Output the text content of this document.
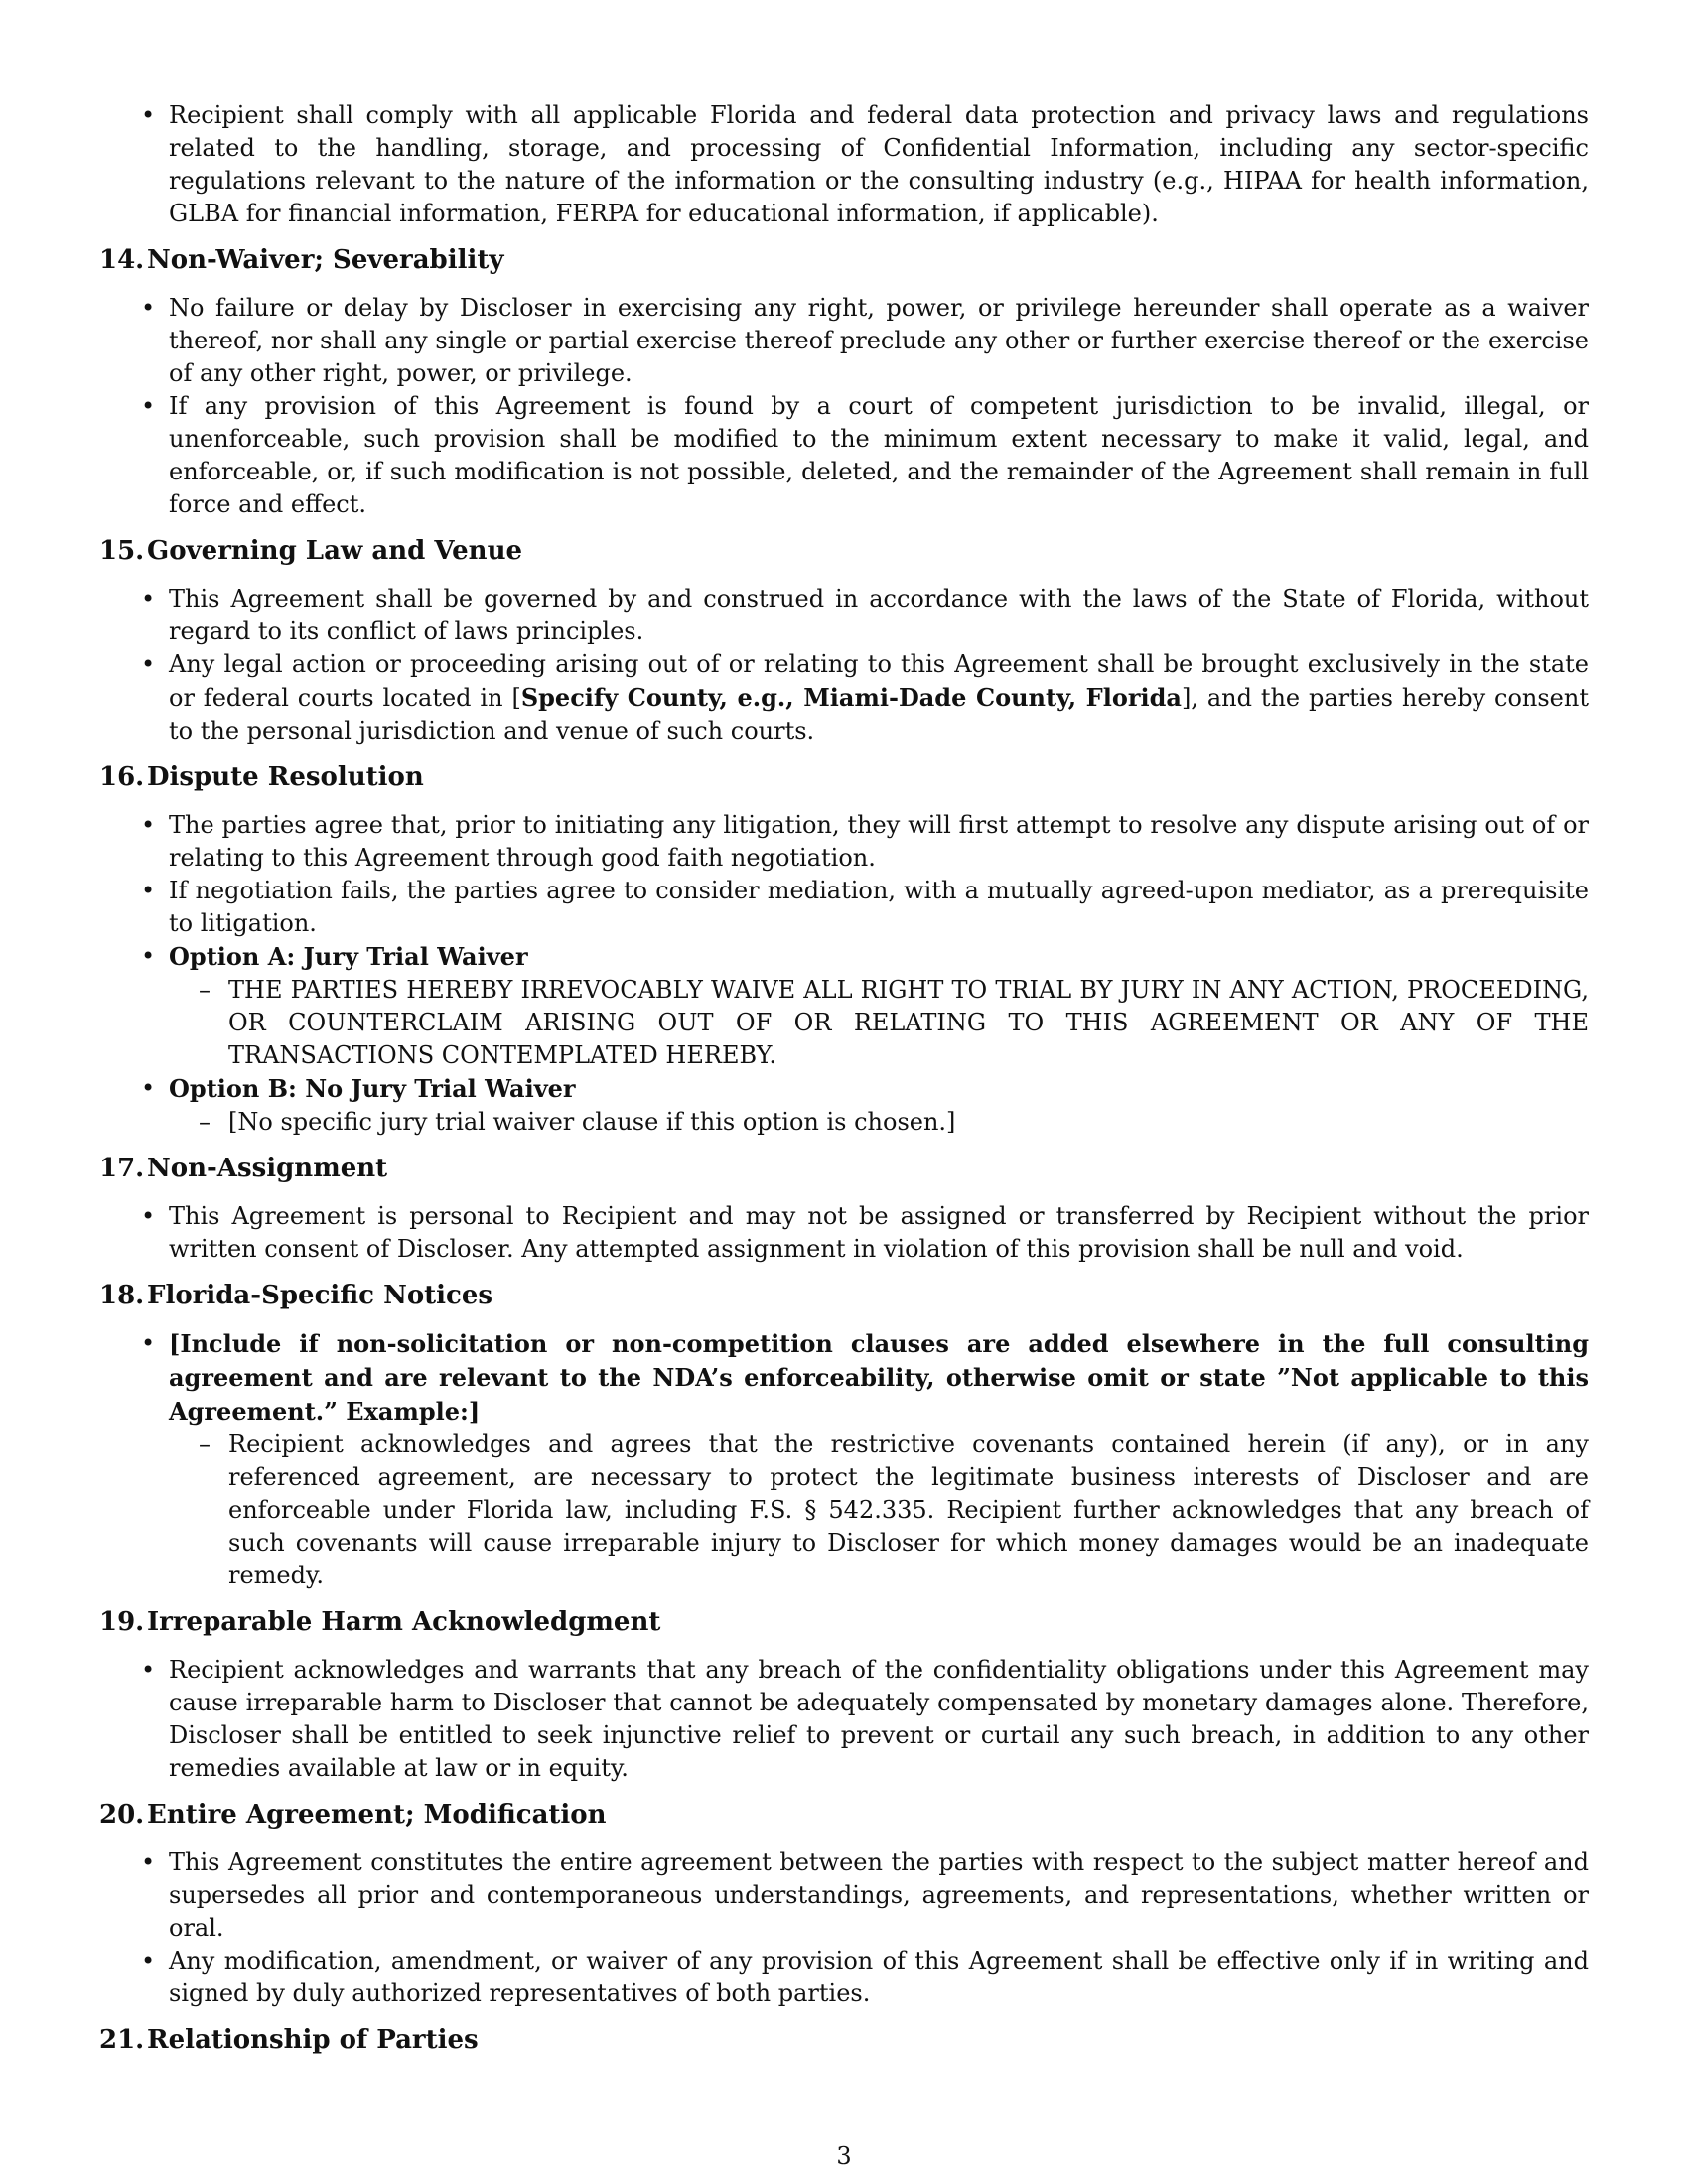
• Recipient shall comply with all applicable Florida and federal data protection and privacy laws and regulations related to the handling, storage, and processing of Confidential Information, including any sector-specific regulations relevant to the nature of the information or the consulting industry (e.g., HIPAA for health information, GLBA for financial information, FERPA for educational information, if applicable).
14. Non-Waiver; Severability
• No failure or delay by Discloser in exercising any right, power, or privilege hereunder shall operate as a waiver thereof, nor shall any single or partial exercise thereof preclude any other or further exercise thereof or the exercise of any other right, power, or privilege.
• If any provision of this Agreement is found by a court of competent jurisdiction to be invalid, illegal, or unenforceable, such provision shall be modified to the minimum extent necessary to make it valid, legal, and enforceable, or, if such modification is not possible, deleted, and the remainder of the Agreement shall remain in full force and effect.
15. Governing Law and Venue
• This Agreement shall be governed by and construed in accordance with the laws of the State of Florida, without regard to its conflict of laws principles.
• Any legal action or proceeding arising out of or relating to this Agreement shall be brought exclusively in the state or federal courts located in [Specify County, e.g., Miami-Dade County, Florida], and the parties hereby consent to the personal jurisdiction and venue of such courts.
16. Dispute Resolution
• The parties agree that, prior to initiating any litigation, they will first attempt to resolve any dispute arising out of or relating to this Agreement through good faith negotiation.
• If negotiation fails, the parties agree to consider mediation, with a mutually agreed-upon mediator, as a prerequisite to litigation.
• Option A: Jury Trial Waiver
– THE PARTIES HEREBY IRREVOCABLY WAIVE ALL RIGHT TO TRIAL BY JURY IN ANY ACTION, PROCEEDING, OR COUNTERCLAIM ARISING OUT OF OR RELATING TO THIS AGREEMENT OR ANY OF THE TRANSACTIONS CONTEMPLATED HEREBY.
• Option B: No Jury Trial Waiver
– [No specific jury trial waiver clause if this option is chosen.]
17. Non-Assignment
• This Agreement is personal to Recipient and may not be assigned or transferred by Recipient without the prior written consent of Discloser. Any attempted assignment in violation of this provision shall be null and void.
18. Florida-Specific Notices
• [Include if non-solicitation or non-competition clauses are added elsewhere in the full consulting agreement and are relevant to the NDA’s enforceability, otherwise omit or state ”Not applicable to this Agreement.” Example:]
– Recipient acknowledges and agrees that the restrictive covenants contained herein (if any), or in any referenced agreement, are necessary to protect the legitimate business interests of Discloser and are enforceable under Florida law, including F.S. § 542.335. Recipient further acknowledges that any breach of such covenants will cause irreparable injury to Discloser for which money damages would be an inadequate remedy.
19. Irreparable Harm Acknowledgment
• Recipient acknowledges and warrants that any breach of the confidentiality obligations under this Agreement may cause irreparable harm to Discloser that cannot be adequately compensated by monetary damages alone. Therefore, Discloser shall be entitled to seek injunctive relief to prevent or curtail any such breach, in addition to any other remedies available at law or in equity.
20. Entire Agreement; Modification
• This Agreement constitutes the entire agreement between the parties with respect to the subject matter hereof and supersedes all prior and contemporaneous understandings, agreements, and representations, whether written or oral.
• Any modification, amendment, or waiver of any provision of this Agreement shall be effective only if in writing and signed by duly authorized representatives of both parties.
21. Relationship of Parties
3
